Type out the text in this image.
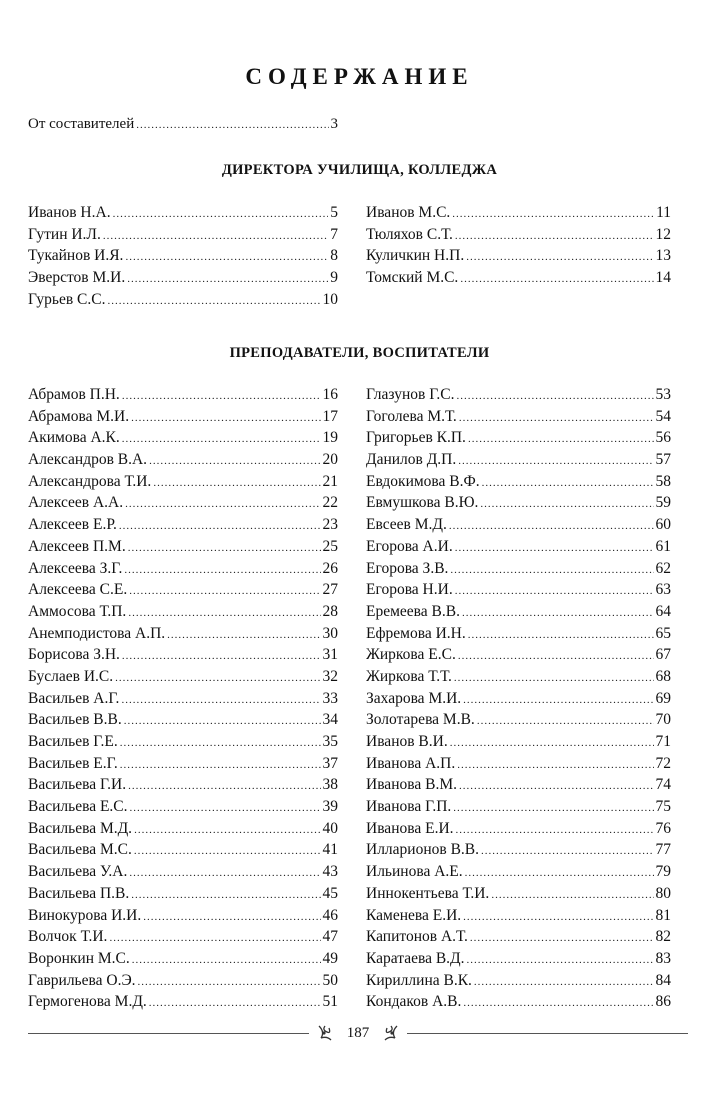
СОДЕРЖАНИЕ
От составителей .....	3
ДИРЕКТОРА УЧИЛИЩА, КОЛЛЕДЖА
Иванов Н.А. .....	5
Гутин И.Л. .....	7
Тукайнов И.Я. .....	8
Эверстов М.И. .....	9
Гурьев С.С. .....	10
Иванов М.С. .....	11
Тюляхов С.Т. .....	12
Куличкин Н.П. .....	13
Томский М.С. .....	14
ПРЕПОДАВАТЕЛИ, ВОСПИТАТЕЛИ
Абрамов П.Н. .....	16
Абрамова М.И. .....	17
Акимова А.К. .....	19
Александров В.А. .....	20
Александрова Т.И. .....	21
Алексеев А.А. .....	22
Алексеев Е.Р. .....	23
Алексеев П.М. .....	25
Алексеева З.Г. .....	26
Алексеева С.Е. .....	27
Аммосова Т.П. .....	28
Анемподистова А.П. .....	30
Борисова З.Н. .....	31
Буслаев И.С. .....	32
Васильев А.Г. .....	33
Васильев В.В. .....	34
Васильев Г.Е. .....	35
Васильев Е.Г. .....	37
Васильева Г.И. .....	38
Васильева Е.С. .....	39
Васильева М.Д. .....	40
Васильева М.С. .....	41
Васильева У.А. .....	43
Васильева П.В. .....	45
Винокурова И.И. .....	46
Волчок Т.И. .....	47
Воронкин М.С. .....	49
Гаврильева О.Э. .....	50
Гермогенова М.Д. .....	51
Глазунов Г.С. .....	53
Гоголева М.Т. .....	54
Григорьев К.П. .....	56
Данилов Д.П. .....	57
Евдокимова В.Ф. .....	58
Евмушкова В.Ю. .....	59
Евсеев М.Д. .....	60
Егорова А.И. .....	61
Егорова З.В. .....	62
Егорова Н.И. .....	63
Еремеева В.В. .....	64
Ефремова И.Н. .....	65
Жиркова Е.С. .....	67
Жиркова Т.Т. .....	68
Захарова М.И. .....	69
Золотарева М.В. .....	70
Иванов В.И. .....	71
Иванова А.П. .....	72
Иванова В.М. .....	74
Иванова Г.П. .....	75
Иванова Е.И. .....	76
Илларионов В.В. .....	77
Ильинова А.Е. .....	79
Иннокентьева Т.И. .....	80
Каменева Е.И. .....	81
Капитонов А.Т. .....	82
Каратаева В.Д. .....	83
Кириллина В.К. .....	84
Кондаков А.В. .....	86
187
